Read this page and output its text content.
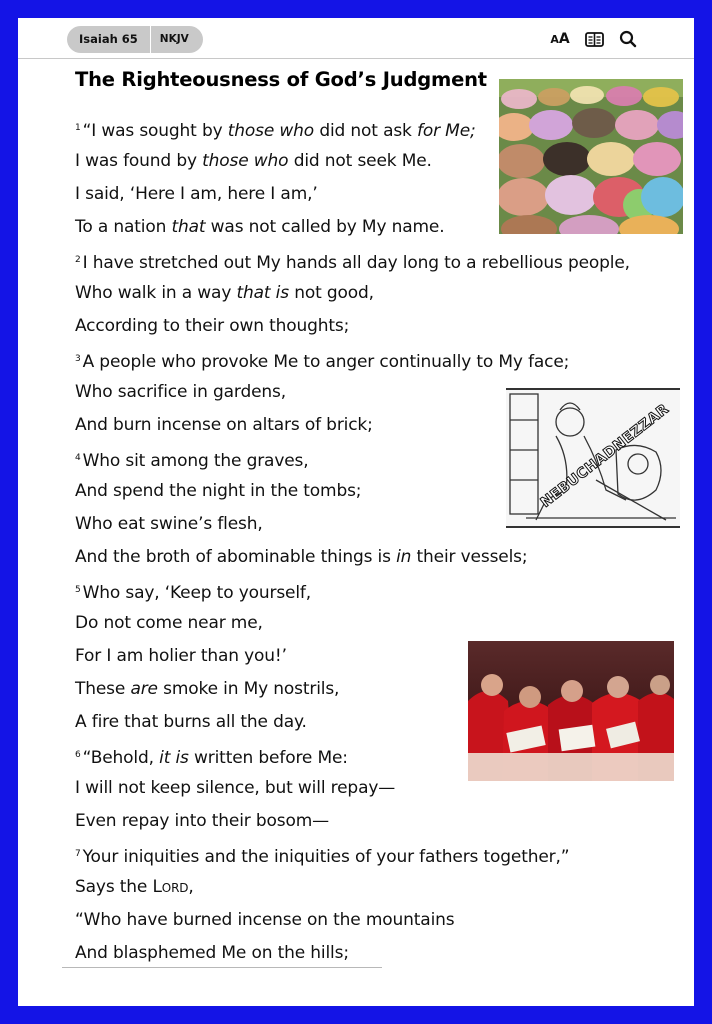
Isaiah 65	NKJV	A A
The Righteousness of God’s Judgment
NEBUCHADNEZZAR
$^1$ “I was sought by those who did not ask for Me;
I was found by those who did not seek Me.
I said, ‘Here I am, here I am,’
To a nation that was not called by My name.
$^2$ I have stretched out My hands all day long to a rebellious people,
Who walk in a way that is not good,
According to their own thoughts;
$^3$ A people who provoke Me to anger continually to My face;
Who sacrifice in gardens,
And burn incense on altars of brick;
$^4$ Who sit among the graves,
And spend the night in the tombs;
Who eat swine’s flesh,
And the broth of abominable things is in their vessels;
$^5$ Who say, ‘Keep to yourself,
Do not come near me,
For I am holier than you!’
These are smoke in My nostrils,
A fire that burns all the day.
$^6$ “Behold, it is written before Me:
I will not keep silence, but will repay—
Even repay into their bosom—
$^7$ Your iniquities and the iniquities of your fathers together,”
Says the Lord,
“Who have burned incense on the mountains
And blasphemed Me on the hills;
